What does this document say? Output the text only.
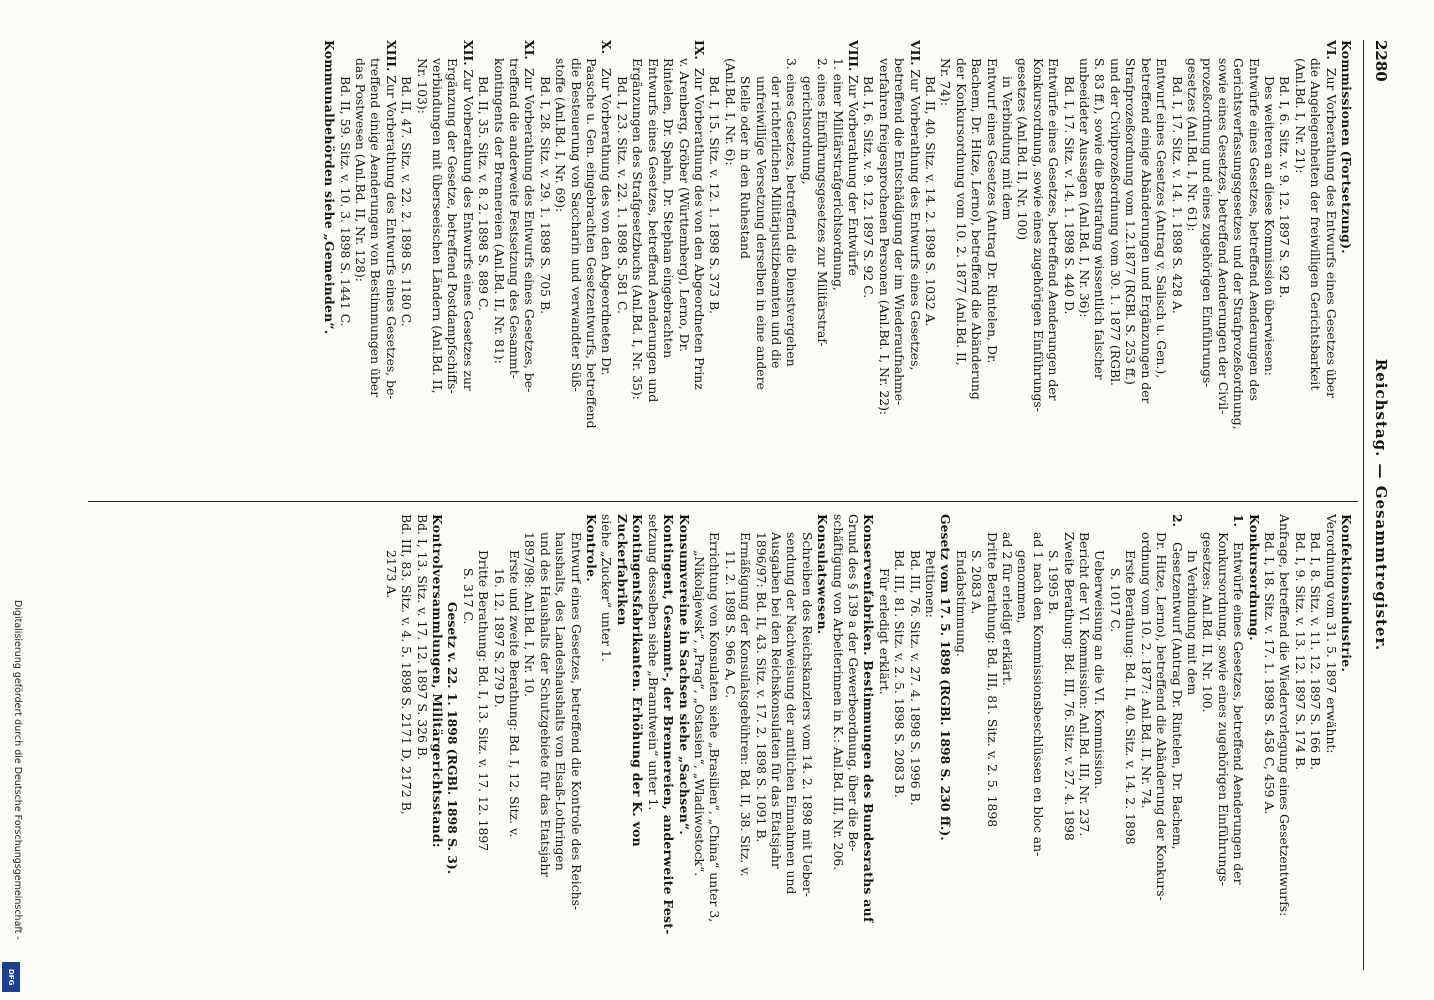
2280
Reichstag. — Gesammtregister.
Kommissionen (Fortsetzung).
VI. Zur Vorberathung des Entwurfs eines Gesetzes über
die Angelegenheiten der freiwilligen Gerichtsbarkeit
(Anl.Bd. I, Nr. 21):
Bd. I, 6. Sitz. v. 9. 12. 1897 S. 92 B.
Des weiteren an diese Kommission überwiesen:
Entwürfe eines Gesetzes, betreffend Aenderungen des
Gerichtsverfassungsgesetzes und der Strafprozeßordnung,
sowie eines Gesetzes, betreffend Aenderungen der Civil-
prozeßordnung und eines zugehörigen Einführungs-
gesetzes (Anl.Bd. I, Nr. 61):
Bd. I, 17. Sitz. v. 14. 1. 1898 S. 428 A.
Entwurf eines Gesetzes (Antrag v. Salisch u. Gen.),
betreffend einige Abänderungen und Ergänzungen der
Strafprozeßordnung vom 1.2.1877 (RGBl. S. 253 ff.)
und der Civilprozeßordnung vom 30. 1. 1877 (RGBl.
S. 83 ff.), sowie die Bestrafung wissentlich falscher
unbeeideter Aussagen (Anl.Bd. I, Nr. 36):
Bd. I, 17. Sitz. v. 14. 1. 1898 S. 440 D.
Entwürfe eines Gesetzes, betreffend Aenderungen der
Konkursordnung, sowie eines zugehörigen Einführungs-
gesetzes (Anl.Bd. II, Nr. 100)
in Verbindung mit dem
Entwurf eines Gesetzes (Antrag Dr. Rintelen, Dr.
Bachem, Dr. Hitze, Lerno), betreffend die Abänderung
der Konkursordnung vom 10. 2. 1877 (Anl.Bd. II,
Nr. 74):
Bd. II, 40. Sitz. v. 14. 2. 1898 S. 1032 A.
VII. Zur Vorberathung des Entwurfs eines Gesetzes,
betreffend die Entschädigung der im Wiederaufnahme-
verfahren freigesprochenen Personen (Anl.Bd. I, Nr. 22):
Bd. I, 6. Sitz. v. 9. 12. 1897 S. 92 C.
VIII. Zur Vorberathung der Entwürfe
1. einer Militärstrafgerichtsordnung,
2. eines Einführungsgesetzes zur Militärstraf-
gerichtsordnung,
3. eines Gesetzes, betreffend die Dienstvergehen
der richterlichen Militärjustizbeamten und die
unfreiwillige Versetzung derselben in eine andere
Stelle oder in den Ruhestand
(Anl.Bd. I, Nr. 6):
Bd. I, 15. Sitz. v. 12. 1. 1898 S. 373 B.
IX. Zur Vorberathung des von den Abgeordneten Prinz
v. Arenberg, Gröber (Württemberg), Lerno, Dr.
Rintelen, Dr. Spahn, Dr. Stephan eingebrachten
Entwurfs eines Gesetzes, betreffend Aenderungen und
Ergänzungen des Strafgesetzbuchs (Anl.Bd. I, Nr. 35):
Bd. I, 23. Sitz. v. 22. 1. 1898 S. 581 C.
X. Zur Vorberathung des von den Abgeordneten Dr.
Paasche u. Gen. eingebrachten Gesetzentwurfs, betreffend
die Besteuerung von Saccharin und verwandter Süß-
stoffe (Anl.Bd. I, Nr. 69):
Bd. I, 28. Sitz. v. 29. 1. 1898 S. 705 B.
XI. Zur Vorberathung des Entwurfs eines Gesetzes, be-
treffend die anderweite Festsetzung des Gesammt-
kontingents der Brennereien (Anl.Bd. II, Nr. 81):
Bd. II, 35. Sitz. v. 8. 2. 1898 S. 889 C.
XII. Zur Vorberathung des Entwurfs eines Gesetzes zur
Ergänzung der Gesetze, betreffend Postdampfschiffs-
verbindungen mit überseeischen Ländern (Anl.Bd. II,
Nr. 103):
Bd. II, 47. Sitz. v. 22. 2. 1898 S. 1180 C.
XIII. Zur Vorberathung des Entwurfs eines Gesetzes, be-
treffend einige Aenderungen von Bestimmungen über
das Postwesen (Anl.Bd. II, Nr. 128):
Bd. II, 59. Sitz. v. 10. 3. 1898 S. 1441 C.
Kommunalbehörden siehe „Gemeinden“.
Konfektionsindustrie.
Verordnung vom 31. 5. 1897 erwähnt:
Bd. I, 8. Sitz. v. 11. 12. 1897 S. 166 B.
Bd. I, 9. Sitz. v. 13. 12. 1897 S. 174 B.
Anfrage, betreffend die Wiedervorlegung eines Gesetzentwurfs:
Bd. I, 18. Sitz. v. 17. 1. 1898 S. 458 C, 459 A.
Konkursordnung.
1. Entwürfe eines Gesetzes, betreffend Aenderungen der
Konkursordnung, sowie eines zugehörigen Einführungs-
gesetzes: Anl.Bd. II, Nr. 100.
In Verbindung mit dem
2. Gesetzentwurf (Antrag Dr. Rintelen, Dr. Bachem,
Dr. Hitze, Lerno), betreffend die Abänderung der Konkurs-
ordnung vom 10. 2. 1877: Anl.Bd. II, Nr. 74.
Erste Berathung: Bd. II, 40. Sitz. v. 14. 2. 1898
S. 1017 C.
Ueberweisung an die VI. Kommission.
Bericht der VI. Kommission: Anl.Bd. III, Nr. 237.
Zweite Berathung: Bd. III, 76. Sitz. v. 27. 4. 1898
S. 1995 B.
ad 1 nach den Kommissionsbeschlüssen en bloc an-
genommen,
ad 2 für erledigt erklärt.
Dritte Berathung: Bd. III, 81. Sitz. v. 2. 5. 1898
S. 2083 A.
Endabstimmung.
Gesetz vom 17. 5. 1898 (RGBl. 1898 S. 230 ff.).
Petitionen:
Bd. III, 76. Sitz. v. 27. 4. 1898 S. 1996 B.
Bd. III, 81. Sitz. v. 2. 5. 1898 S. 2083 B.
Für erledigt erklärt.
Konservenfabriken. Bestimmungen des Bundesraths auf
Grund des § 139 a der Gewerbeordnung, über die Be-
schäftigung von Arbeiterinnen in K.: Anl.Bd. III, Nr. 206.
Konsulatswesen.
Schreiben des Reichskanzlers vom 14. 2. 1898 mit Ueber-
sendung der Nachweisung der amtlichen Einnahmen und
Ausgaben bei den Reichskonsulaten für das Etatsjahr
1896/97: Bd. II, 43. Sitz. v. 17. 2. 1898 S. 1091 B.
Ermäßigung der Konsulatsgebühren: Bd. II, 38. Sitz. v.
11. 2. 1898 S. 966 A, C.
Errichtung von Konsulaten siehe „Brasilien“, „China“ unter 3,
„Nikolajewsk“, „Prag“, „Ostasien“, „Wladiwostock“.
Konsumvereine in Sachsen siehe „Sachsen“.
Kontingent, Gesammt-, der Brennereien, anderweite Fest-
setzung desselben siehe „Branntwein“ unter 1.
Kontingentsfabrikanten. Erhöhung der K. von Zuckerfabriken
siehe „Zucker“ unter 1.
Kontrole.
Entwurf eines Gesetzes, betreffend die Kontrole des Reichs-
haushalts, des Landeshaushalts von Elsaß-Lothringen
und des Haushalts der Schutzgebiete für das Etatsjahr
1897/98: Anl.Bd. I, Nr. 10.
Erste und zweite Berathung: Bd. I, 12. Sitz. v.
16. 12. 1897 S. 279 D.
Dritte Berathung: Bd. I, 13. Sitz. v. 17. 12. 1897
S. 317 C.
Gesetz v. 22. 1. 1898 (RGBl. 1898 S. 3).
Kontrolversammlungen, Militärgerichtsstand:
Bd. I, 13. Sitz. v. 17. 12. 1897 S. 326 B.
Bd. III, 83. Sitz. v. 4. 5. 1898 S. 2171 D, 2172 B,
2173 A.
Digitalisierung gefördert durch die Deutsche Forschungsgemeinschaft -
DFG
